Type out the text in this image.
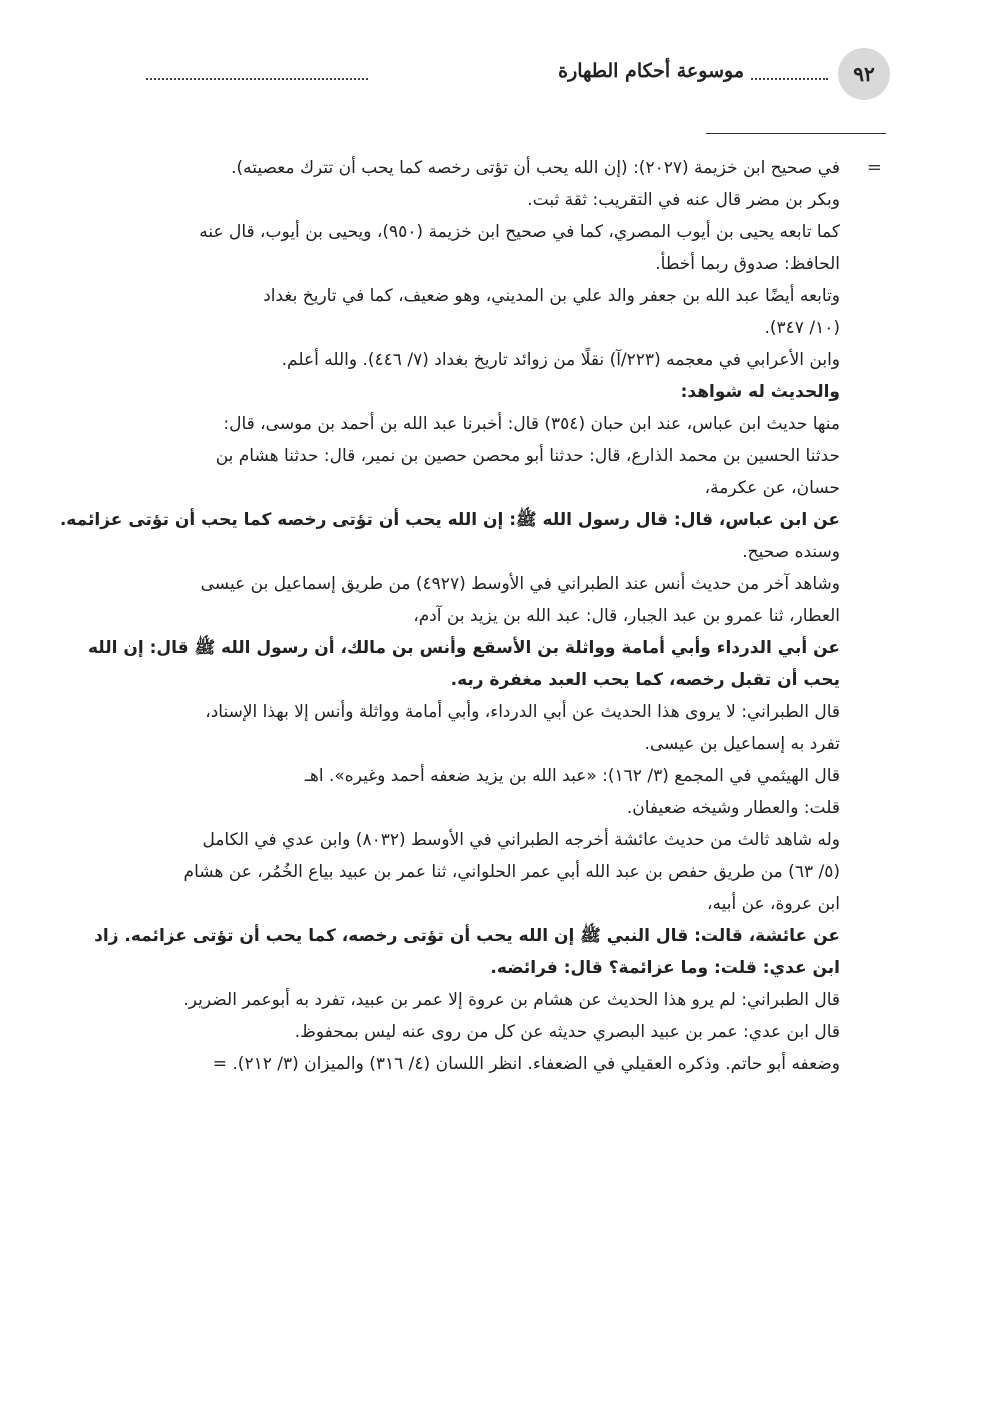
موسوعة أحكام الطهارة	٩٢
=
في صحيح ابن خزيمة (٢٠٢٧): (إن الله يحب أن تؤتى رخصه كما يحب أن تترك معصيته).
وبكر بن مضر قال عنه في التقريب: ثقة ثبت.
كما تابعه يحيى بن أيوب المصري، كما في صحيح ابن خزيمة (٩٥٠)، ويحيى بن أيوب، قال عنه
الحافظ: صدوق ربما أخطأ.
وتابعه أيضًا عبد الله بن جعفر والد علي بن المديني، وهو ضعيف، كما في تاريخ بغداد
(١٠/ ٣٤٧).
وابن الأعرابي في معجمه (٢٢٣/آ) نقلًا من زوائد تاريخ بغداد (٧/ ٤٤٦). والله أعلم.
والحديث له شواهد:
منها حديث ابن عباس، عند ابن حبان (٣٥٤) قال: أخبرنا عبد الله بن أحمد بن موسى، قال:
حدثنا الحسين بن محمد الذارع، قال: حدثنا أبو محصن حصين بن نمير، قال: حدثنا هشام بن
حسان، عن عكرمة،
عن ابن عباس، قال: قال رسول الله ﷺ: إن الله يحب أن تؤتى رخصه كما يحب أن تؤتى عزائمه.
وسنده صحيح.
وشاهد آخر من حديث أنس عند الطبراني في الأوسط (٤٩٢٧) من طريق إسماعيل بن عيسى
العطار، ثنا عمرو بن عبد الجبار، قال: عبد الله بن يزيد بن آدم،
عن أبي الدرداء وأبي أمامة وواثلة بن الأسقع وأنس بن مالك، أن رسول الله ﷺ قال: إن الله
يحب أن تقبل رخصه، كما يحب العبد مغفرة ربه.
قال الطبراني: لا يروى هذا الحديث عن أبي الدرداء، وأبي أمامة وواثلة وأنس إلا بهذا الإسناد،
تفرد به إسماعيل بن عيسى.
قال الهيثمي في المجمع (٣/ ١٦٢): «عبد الله بن يزيد ضعفه أحمد وغيره». اهـ
قلت: والعطار وشيخه ضعيفان.
وله شاهد ثالث من حديث عائشة أخرجه الطبراني في الأوسط (٨٠٣٢) وابن عدي في الكامل
(٥/ ٦٣) من طريق حفص بن عبد الله أبي عمر الحلواني، ثنا عمر بن عبيد بياع الخُمُر، عن هشام
ابن عروة، عن أبيه،
عن عائشة، قالت: قال النبي ﷺ إن الله يحب أن تؤتى رخصه، كما يحب أن تؤتى عزائمه. زاد
ابن عدي: قلت: وما عزائمة؟ قال: فرائضه.
قال الطبراني: لم يرو هذا الحديث عن هشام بن عروة إلا عمر بن عبيد، تفرد به أبوعمر الضرير.
قال ابن عدي: عمر بن عبيد البصري حديثه عن كل من روى عنه ليس بمحفوظ.
وضعفه أبو حاتم. وذكره العقيلي في الضعفاء. انظر اللسان (٤/ ٣١٦) والميزان (٣/ ٢١٢). =
